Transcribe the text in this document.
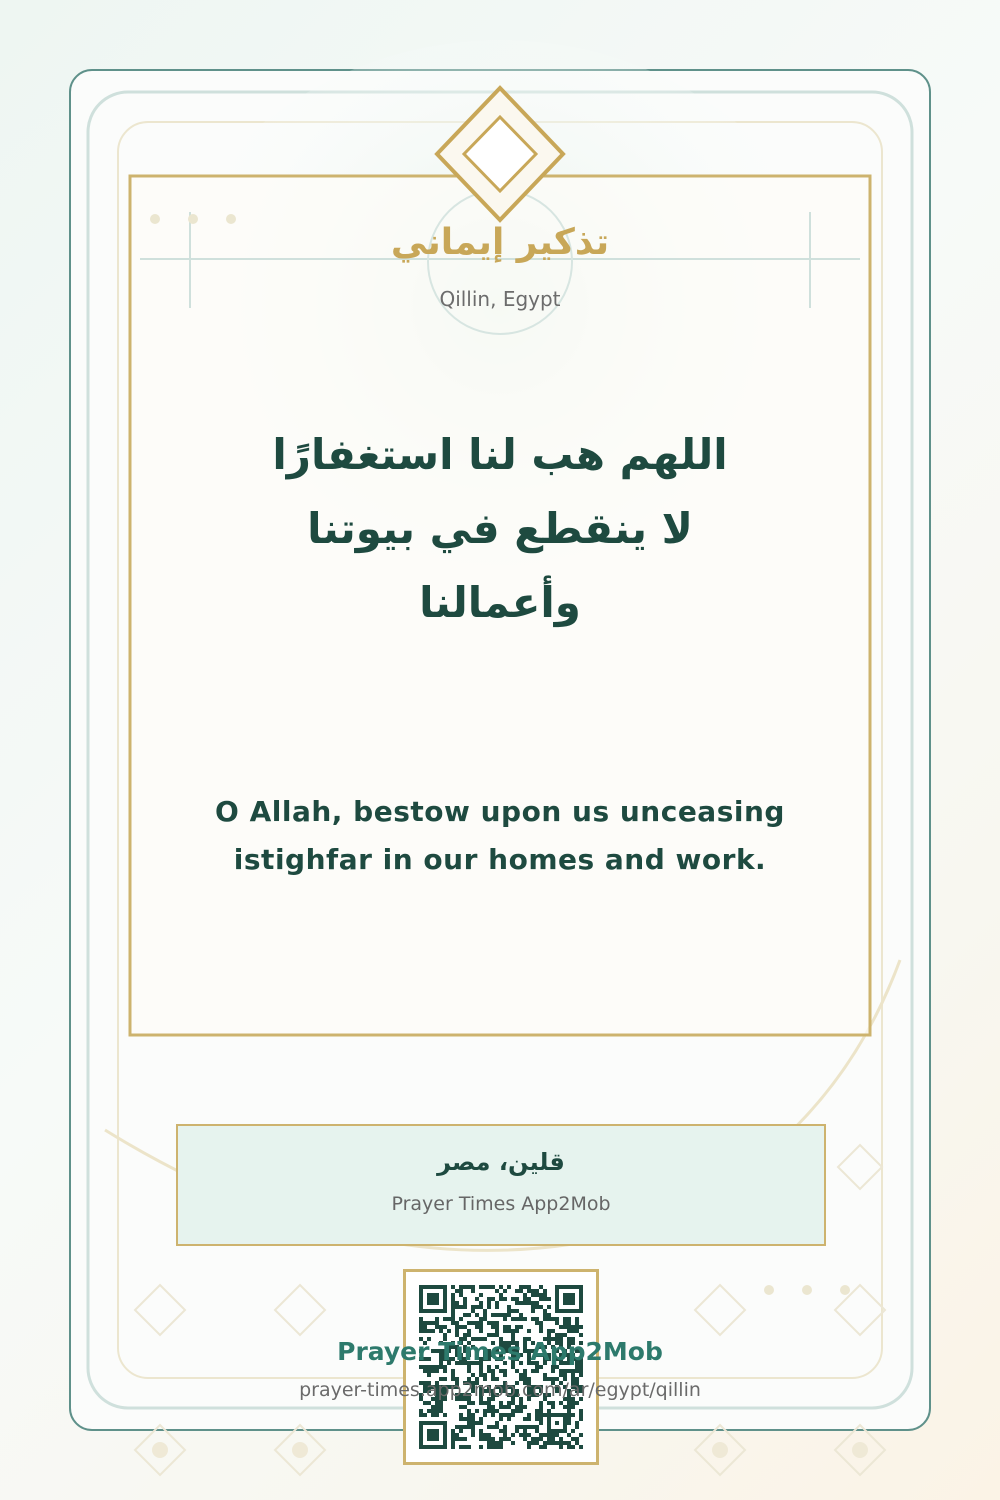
تذكير إيماني
Qillin, Egypt
اللهم هب لنا استغفارًا
لا ينقطع في بيوتنا
وأعمالنا
O Allah, bestow upon us unceasing
istighfar in our homes and work.
قلين، مصر
Prayer Times App2Mob
Prayer Times App2Mob
prayer-times.app2mob.com/ar/egypt/qillin
